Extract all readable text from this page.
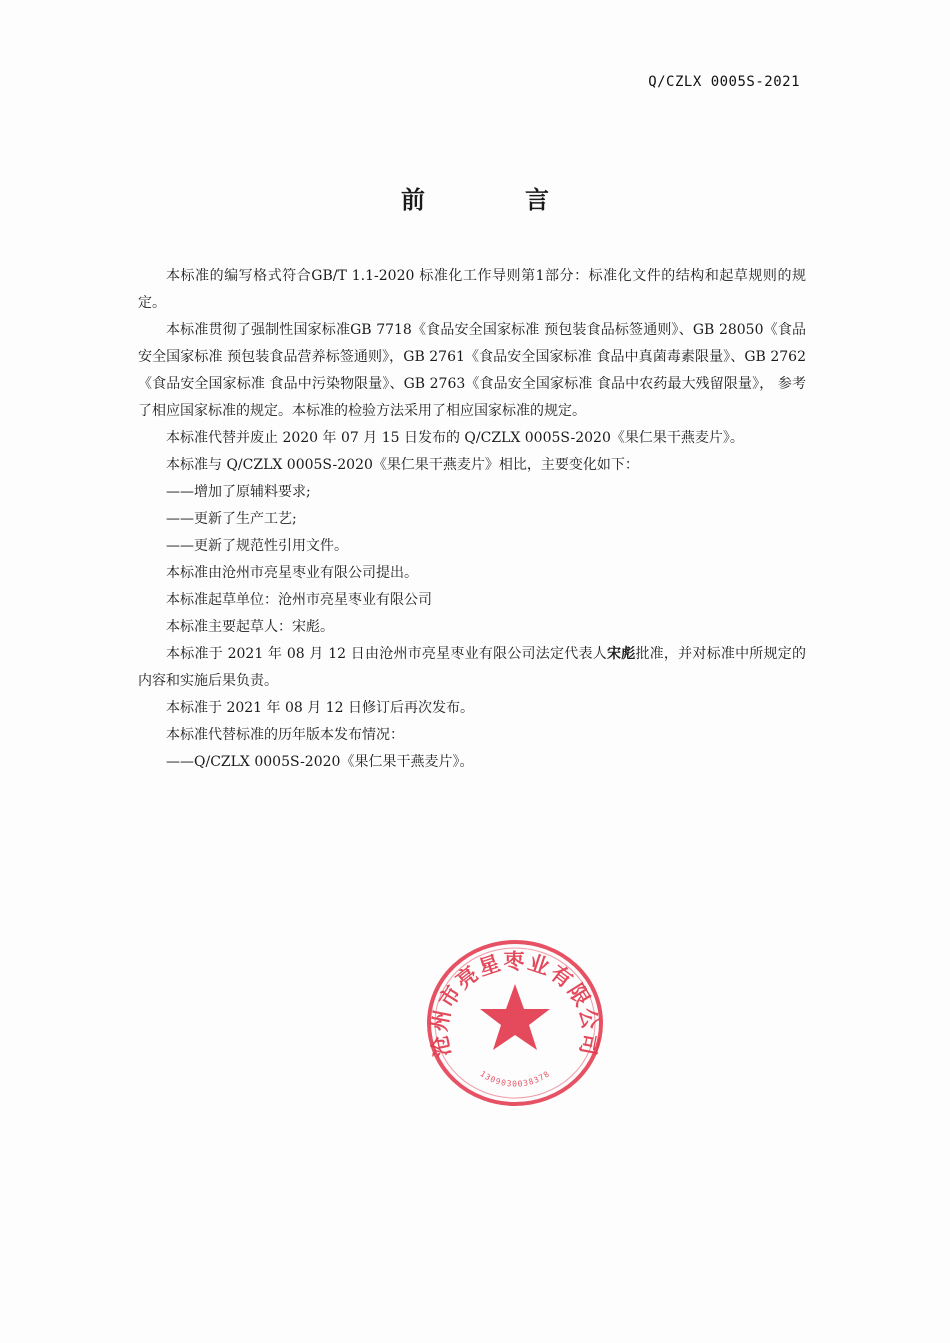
Q/CZLX 0005S-2021
前言

本标准的编写格式符合GB/T 1.1-2020 标准化工作导则第1部分：标准化文件的结构和起草规则的规定。

本标准贯彻了强制性国家标准GB 7718《食品安全国家标准 预包装食品标签通则》、GB 28050《食品安全国家标准 预包装食品营养标签通则》，GB 2761《食品安全国家标准 食品中真菌毒素限量》、GB 2762《食品安全国家标准 食品中污染物限量》、GB 2763《食品安全国家标准 食品中农药最大残留限量》， 参考了相应国家标准的规定。本标准的检验方法采用了相应国家标准的规定。

本标准代替并废止 2020 年 07 月 15 日发布的 Q/CZLX 0005S-2020《果仁果干燕麦片》。

本标准与 Q/CZLX 0005S-2020《果仁果干燕麦片》相比，主要变化如下：

——增加了原辅料要求;

——更新了生产工艺;

——更新了规范性引用文件。

本标准由沧州市亮星枣业有限公司提出。

本标准起草单位：沧州市亮星枣业有限公司

本标准主要起草人：宋彪。

本标准于 2021 年 08 月 12 日由沧州市亮星枣业有限公司法定代表人宋彪批准，并对标准中所规定的内容和实施后果负责。

本标准于 2021 年 08 月 12 日修订后再次发布。

本标准代替标准的历年版本发布情况：

——Q/CZLX 0005S-2020《果仁果干燕麦片》。

沧州市亮星枣业有限公司
1309030038378
